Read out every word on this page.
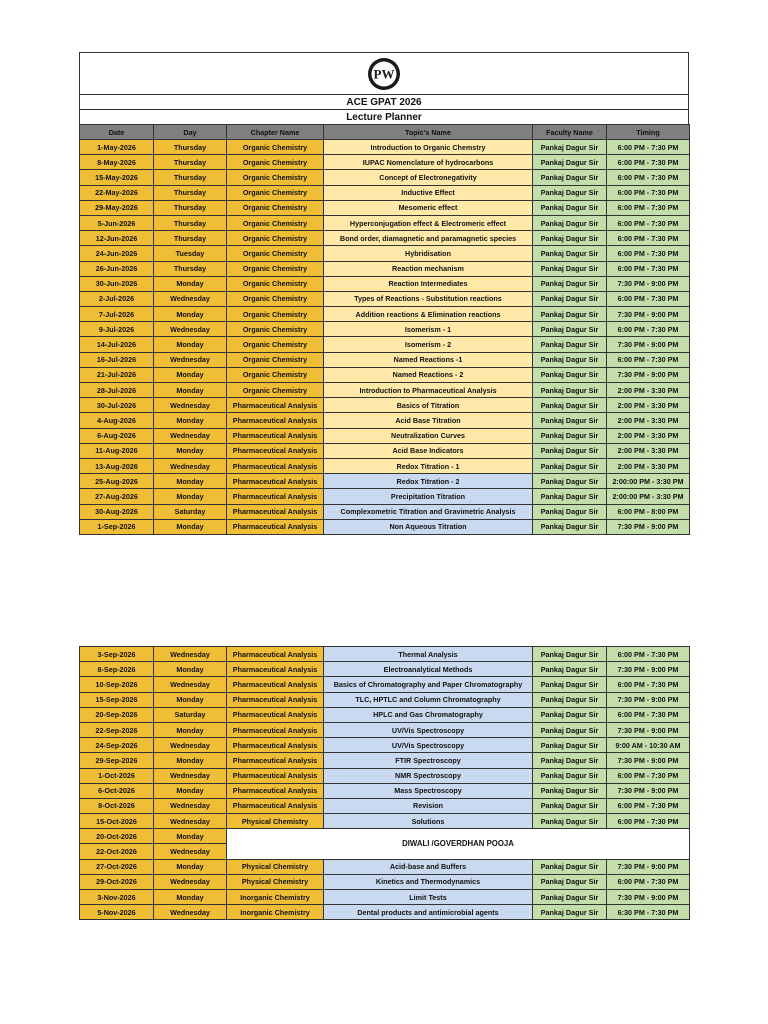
PW
ACE GPAT 2026
Lecture Planner
Date	Day	Chapter Name	Topic's Name	Faculty Name	Timing
1-May-2026	Thursday	Organic Chemistry	Introduction to Organic Chemstry	Pankaj Dagur Sir	6:00 PM - 7:30 PM
8-May-2026	Thursday	Organic Chemistry	IUPAC Nomenclature of hydrocarbons	Pankaj Dagur Sir	6:00 PM - 7:30 PM
15-May-2026	Thursday	Organic Chemistry	Concept of Electronegativity	Pankaj Dagur Sir	6:00 PM - 7:30 PM
22-May-2026	Thursday	Organic Chemistry	Inductive Effect	Pankaj Dagur Sir	6:00 PM - 7:30 PM
29-May-2026	Thursday	Organic Chemistry	Mesomeric effect	Pankaj Dagur Sir	6:00 PM - 7:30 PM
5-Jun-2026	Thursday	Organic Chemistry	Hyperconjugation effect & Electromeric effect	Pankaj Dagur Sir	6:00 PM - 7:30 PM
12-Jun-2026	Thursday	Organic Chemistry	Bond order, diamagnetic and paramagnetic species	Pankaj Dagur Sir	6:00 PM - 7:30 PM
24-Jun-2026	Tuesday	Organic Chemistry	Hybridisation	Pankaj Dagur Sir	6:00 PM - 7:30 PM
26-Jun-2026	Thursday	Organic Chemistry	Reaction mechanism	Pankaj Dagur Sir	6:00 PM - 7:30 PM
30-Jun-2026	Monday	Organic Chemistry	Reaction Intermediates	Pankaj Dagur Sir	7:30 PM - 9:00 PM
2-Jul-2026	Wednesday	Organic Chemistry	Types of Reactions - Substitution reactions	Pankaj Dagur Sir	6:00 PM - 7:30 PM
7-Jul-2026	Monday	Organic Chemistry	Addition reactions & Elimination reactions	Pankaj Dagur Sir	7:30 PM - 9:00 PM
9-Jul-2026	Wednesday	Organic Chemistry	Isomerism - 1	Pankaj Dagur Sir	6:00 PM - 7:30 PM
14-Jul-2026	Monday	Organic Chemistry	Isomerism - 2	Pankaj Dagur Sir	7:30 PM - 9:00 PM
16-Jul-2026	Wednesday	Organic Chemistry	Named Reactions -1	Pankaj Dagur Sir	6:00 PM - 7:30 PM
21-Jul-2026	Monday	Organic Chemistry	Named Reactions - 2	Pankaj Dagur Sir	7:30 PM - 9:00 PM
28-Jul-2026	Monday	Organic Chemistry	Introduction to Pharmaceutical Analysis	Pankaj Dagur Sir	2:00 PM - 3:30 PM
30-Jul-2026	Wednesday	Pharmaceutical Analysis	Basics of Titration	Pankaj Dagur Sir	2:00 PM - 3:30 PM
4-Aug-2026	Monday	Pharmaceutical Analysis	Acid Base Titration	Pankaj Dagur Sir	2:00 PM - 3:30 PM
6-Aug-2026	Wednesday	Pharmaceutical Analysis	Neutralization Curves	Pankaj Dagur Sir	2:00 PM - 3:30 PM
11-Aug-2026	Monday	Pharmaceutical Analysis	Acid Base Indicators	Pankaj Dagur Sir	2:00 PM - 3:30 PM
13-Aug-2026	Wednesday	Pharmaceutical Analysis	Redox Titration - 1	Pankaj Dagur Sir	2:00 PM - 3:30 PM
25-Aug-2026	Monday	Pharmaceutical Analysis	Redox Titration - 2	Pankaj Dagur Sir	2:00:00 PM - 3:30 PM
27-Aug-2026	Monday	Pharmaceutical Analysis	Precipitation Titration	Pankaj Dagur Sir	2:00:00 PM - 3:30 PM
30-Aug-2026	Saturday	Pharmaceutical Analysis	Complexometric Titration and Gravimetric Analysis	Pankaj Dagur Sir	6:00 PM - 8:00 PM
1-Sep-2026	Monday	Pharmaceutical Analysis	Non Aqueous Titration	Pankaj Dagur Sir	7:30 PM - 9:00 PM
3-Sep-2026	Wednesday	Pharmaceutical Analysis	Thermal Analysis	Pankaj Dagur Sir	6:00 PM - 7:30 PM
8-Sep-2026	Monday	Pharmaceutical Analysis	Electroanalytical Methods	Pankaj Dagur Sir	7:30 PM - 9:00 PM
10-Sep-2026	Wednesday	Pharmaceutical Analysis	Basics of Chromatography and Paper Chromatography	Pankaj Dagur Sir	6:00 PM - 7:30 PM
15-Sep-2026	Monday	Pharmaceutical Analysis	TLC, HPTLC and Column Chromatography	Pankaj Dagur Sir	7:30 PM - 9:00 PM
20-Sep-2026	Saturday	Pharmaceutical Analysis	HPLC and Gas Chromatography	Pankaj Dagur Sir	6:00 PM - 7:30 PM
22-Sep-2026	Monday	Pharmaceutical Analysis	UV/Vis Spectroscopy	Pankaj Dagur Sir	7:30 PM - 9:00 PM
24-Sep-2026	Wednesday	Pharmaceutical Analysis	UV/Vis Spectroscopy	Pankaj Dagur Sir	9:00 AM - 10:30 AM
29-Sep-2026	Monday	Pharmaceutical Analysis	FTIR Spectroscopy	Pankaj Dagur Sir	7:30 PM - 9:00 PM
1-Oct-2026	Wednesday	Pharmaceutical Analysis	NMR Spectroscopy	Pankaj Dagur Sir	6:00 PM - 7:30 PM
6-Oct-2026	Monday	Pharmaceutical Analysis	Mass Spectroscopy	Pankaj Dagur Sir	7:30 PM - 9:00 PM
8-Oct-2026	Wednesday	Pharmaceutical Analysis	Revision	Pankaj Dagur Sir	6:00 PM - 7:30 PM
15-Oct-2026	Wednesday	Physical Chemistry	Solutions	Pankaj Dagur Sir	6:00 PM - 7:30 PM
20-Oct-2026	Monday	DIWALI /GOVERDHAN POOJA			
22-Oct-2026	Wednesday				
27-Oct-2026	Monday	Physical Chemistry	Acid-base and Buffers	Pankaj Dagur Sir	7:30 PM - 9:00 PM
29-Oct-2026	Wednesday	Physical Chemistry	Kinetics and Thermodynamics	Pankaj Dagur Sir	6:00 PM - 7:30 PM
3-Nov-2026	Monday	Inorganic Chemistry	Limit Tests	Pankaj Dagur Sir	7:30 PM - 9:00 PM
5-Nov-2026	Wednesday	Inorganic Chemistry	Dental products and antimicrobial agents	Pankaj Dagur Sir	6:30 PM - 7:30 PM
